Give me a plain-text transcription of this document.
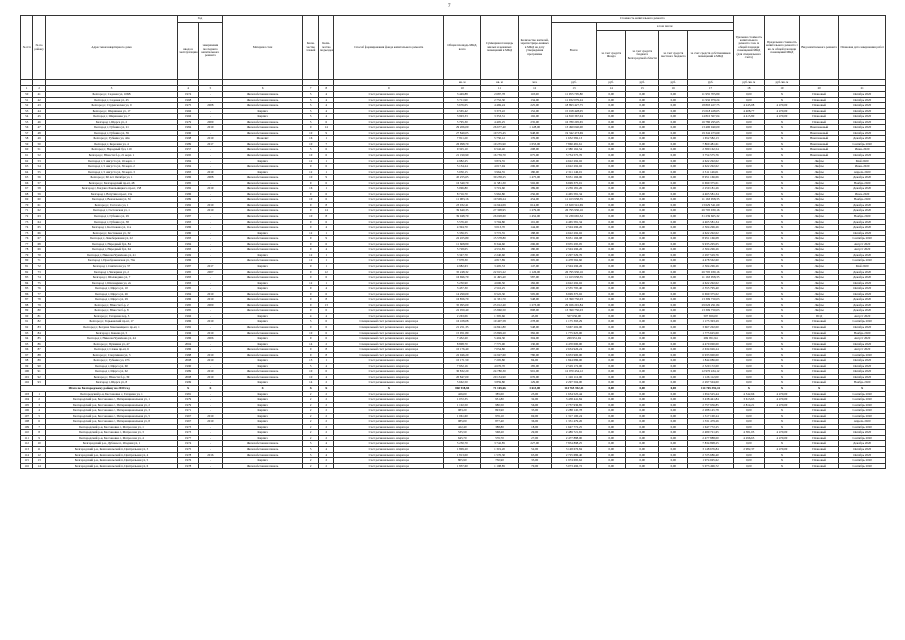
7
№ п/п	№ по району	Адрес многоквартирного дома	Год		Материал стен	Коли-чество этажей	Коли-чество подъездов	Способ формирования фонда капитального ремонта	Общая площадь МКД, всего	Суммарная площадь жилых и нежилых помещений в МКД	Количество жителей, зарегистриро-ванных в МКД на дату утверждения программы	Стоимость капитального ремонта					Удельная стоимость капитального ремонта 1 кв. м общей площади помещений МКД (для специального счета)	Предельная стоимость капитального ремонта 1 кв. м общей площади помещений МКД	Вид капитального ремонта	Плановая дата завершения работ
			ввода в эксплуатацию	завершения последнего капитального ремонта								Всего:	в том числе:							
													за счет средств Фонда	за счет средств бюджета Белгородской области	за счет средств местного бюджета	за счет средств собственников помещений в МКД				
									кв. м	кв. м	чел.	руб.	руб.	руб.	руб.	руб.	руб./кв. м	руб./кв. м		
1	2	3	4	5	6	7	8	9	10	11	12	13	14	15	16	17	18	19	20	21
50	41	Белгород г, Садовая ул, 106В	1974	-	Железобетонная панель	5	4	Счет регионального оператора	3 449,88	2 687,78	118,00	11 955 705,80	0,00	0,00	0,00	11 955 705,80	0,00	X	Плановый	Октябрь 2020
51	42	Белгород г, Садовая ул, 45	1968	-	Железобетонная панель	5	4	Счет регионального оператора	3 711,90	2 752,30	134,00	11 932 079,24	0,00	0,00	0,00	11 932 079,24	0,00	X	Плановый	Октябрь 2020
52	43	Белгород г, Студенческая ул, 9	1975	2008	Железобетонная панель	5	4	Счет регионального оператора	3 676,05	4 469,24	225,00	18 893 427,75	0,00	0,00	0,00	18 893 427,75	4 245,08	4 470,00	Плановый	Октябрь 2020
53	44	Белгород г, Шершнева ул, 17	1966	-	Кирпич	5	4	Счет регионального оператора	4 565,42	3 373,22	152,00	15 018 428,05	0,00	0,00	0,00	15 018 428,05	4 408,77	4 470,00	Плановый	Октябрь 2020
54	45	Белгород г, Шершнева ул, 7	1966	-	Кирпич	5	4	Счет регионального оператора	3 993,33	3 353,31	192,00	14 810 367,04	0,00	0,00	0,00	14 810 367,04	4 415,80	4 470,00	Плановый	Октябрь 2020
55	46	Белгород г, Щорса ул, 2	1979	2009	Железобетонная панель	5	6	Счет регионального оператора	5 795,30	4 405,25	235,00	16 780 295,65	0,00	0,00	0,00	16 780 295,65	0,00	X	Плановый	Октябрь 2020
56	47	Белгород г, Губкина ул, 21	1984	2019	Железобетонная панель	9	14	Счет регионального оператора	29 206,00	26 677,40	1 128,00	13 490 040,00	0,00	0,00	0,00	13 490 040,00	0,00	X	Внеплановый	Октябрь 2020
57	48	Белгород г, Губкина ул, 39	1990	-	Железобетонная панель	10	9	Счет регионального оператора	27 849,05	19 575,45	948,00	19 342 473,69	0,00	0,00	0,00	19 342 473,69	0,00	X	Внеплановый	Октябрь 2020
58	49	Белгород г, Губкина ул, 42в	1998	2019	Монолит	16	1	Счет регионального оператора	7 811,20	5 750,12	176,00	1 652 582,13	0,00	0,00	0,00	1 652 582,13	0,00	X	Внеплановый	Декабрь 2020
59	50	Белгород г, Королева ул, 4	1989	2017	Железобетонная панель	10	7	Счет регионального оператора	26 998,70	19 235,90	1 053,00	7 860 481,61	0,00	0,00	0,00	7 860 481,61	0,00	X	Внеплановый	Сентябрь 2020
60	51	Белгород г, Народный бул, 119	1957	-	Железобетонная панель	5	6	Счет регионального оператора	9 325,10	6 542,40	208,00	2 380 162,54	0,00	0,00	0,00	2 380 162,54	0,00	X	Внеплановый	Июнь 2020
61	52	Белгород г, Юности б-р, 21 корп. 1	1995	-	Железобетонная панель	10	6	Счет регионального оператора	21 199,90	16 759,70	675,00	3 754 575,76	0,00	0,00	0,00	3 754 575,76	0,00	X	Внеплановый	Октябрь 2020
62	53	Белгород г, 5 Августа ул, 16 корп. 1	1984	-	Кирпич	12	1	Счет регионального оператора	4 982,25	3 874,55	220,00	4 622 292,02	0,00	0,00	0,00	4 622 292,02	0,00	X	Лифты	Май 2020
63	54	Белгород г, 5 Августа ул, 36 корп. 2	1984	-	Железобетонная панель	9	6	Счет регионального оператора	5 134,24	4 017,94	206,00	4 622 292,02	0,00	0,00	0,00	4 622 292,02	0,00	X	Лифты	Июнь 2020
64	55	Белгород г, 5 Августа ул, 36 корп. 3	1983	2019	Кирпич	12	1	Счет регионального оператора	5 030,15	3 964,55	180,00	2 311 146,01	0,00	0,00	0,00	2 311 146,01	0,00	X	Лифты	Апрель 2020
65	56	Белгород г, 60 лет Октября ул, 1	1986	2008	Железобетонная панель	10	9	Счет регионального оператора	45 255,65	30 258,25	1 475,00	8 951 166,06	0,00	0,00	0,00	8 951 166,06	0,00	X	Лифты	Декабрь 2020
66	57	Белгород г, Белгородский пр-кт, 48	1985	-	Железобетонная панель	9	6	Счет регионального оператора	16 340,70	11 581,30	502,00	6 699 375,01	0,00	0,00	0,00	6 699 375,01	0,00	X	Лифты	Ноябрь 2020
67	58	Белгород г, Богдана Хмельницкого пр-кт, 158	1982	2019	Железобетонная панель	16	1	Счет регионального оператора	5 096,80	3 719,60	189,00	2 259 181,26	0,00	0,00	0,00	2 259 181,26	0,00	X	Лифты	Декабрь 2020
68	59	Белгород г, Ватутина пр-кт, 13а	1986	-	Железобетонная панель	9	6	Счет регионального оператора	8 716,70	5 962,80	256,00	4 465 581,34	0,00	0,00	0,00	4 465 581,34	0,00	X	Лифты	Июль 2020
69	60	Белгород г, Вокзальная ул, 5б	1989	-	Железобетонная панель	10	6	Счет регионального оператора	11 983,16	10 509,24	454,00	11 163 958,35	0,00	0,00	0,00	11 163 958,35	0,00	X	Лифты	Ноябрь 2020
70	61	Белгород г, Гастелло ул, 1	1982	2019	Железобетонная панель	9	8	Счет регионального оператора	23 932,41	14 944,09	614,00	13 629 541,69	0,00	0,00	0,00	13 629 541,69	0,00	X	Лифты	Декабрь 2020
71	62	Белгород г, Гостенская ул, 1	1985	2019	Железобетонная панель	9	14	Счет регионального оператора	39 640,35	27 308,95	1 279,00	26 795 930,16	0,00	0,00	0,00	26 795 930,16	0,00	X	Лифты	Декабрь 2020
72	63	Белгород г, Губкина ул, 29	1987	-	Железобетонная панель	10	8	Счет регионального оператора	39 048,70	26 028,60	1 452,00	31 239 665,32	0,00	0,00	0,00	31 239 665,32	0,00	X	Лифты	Ноябрь 2020
73	64	Белгород г, Губкина ул, 38	1983	-	Железобетонная панель	9	6	Счет регионального оператора	5 576,20	3 794,80	191,00	4 465 581,34	0,00	0,00	0,00	4 465 581,34	0,00	X	Лифты	Декабрь 2020
74	65	Белгород г, Костюкова ул, 11а	1986	-	Железобетонная панель	9	4	Счет регионального оператора	4 394,70	3 013,70	144,00	2 504 296,26	0,00	0,00	0,00	2 504 296,26	0,00	X	Лифты	Декабрь 2020
75	66	Белгород г, Костюкова ул, 32	1980	-	Кирпич	12	1	Счет регионального оператора	5 356,55	3 772,55	188,00	4 622 292,02	0,00	0,00	0,00	4 622 292,02	0,00	X	Лифты	Октябрь 2020
76	67	Белгород г, Левобережная ул, 22	1983	-	Железобетонная панель	9	9	Счет регионального оператора	22 455,80	15 578,80	835,00	8 951 166,08	0,00	0,00	0,00	8 951 166,08	0,00	X	Лифты	Сентябрь 2020
77	68	Белгород г, Народный бул, 84	1984	-	Железобетонная панель	9	6	Счет регионального оператора	11 668,80	8 344,60	296,00	9 935 295,05	0,00	0,00	0,00	9 935 295,05	0,00	X	Лифты	Август 2020
78	69	Белгород г, Народный бул, 64	1983	-	Железобетонная панель	9	4	Счет регионального оператора	5 728,05	4 531,85	180,00	2 504 296,26	0,00	0,00	0,00	2 504 296,26	0,00	X	Лифты	Август 2020
79	70	Белгород г, Николая Чумичова ул, 41	1969	-	Кирпич	12	1	Счет регионального оператора	3 347,70	2 240,60	200,00	2 297 529,76	0,00	0,00	0,00	2 297 529,76	0,00	X	Лифты	Декабрь 2020
80	71	Белгород г, Преображенская ул, 76а	1986	-	Железобетонная панель	12	1	Счет регионального оператора	7 978,30	4 817,89	305,00	4 478 562,60	0,00	0,00	0,00	4 478 562,60	0,00	X	Лифты	Сентябрь 2020
81	72	Белгород г, Святителя ул, 37	1987	2017	Кирпич	9	1	Счет регионального оператора	4 982,63	3 495,53	147,00	2 504 296,26	0,00	0,00	0,00	2 504 296,26	0,00	X	Лифты	Май 2020
82	73	Белгород г, Чичерина ул, 2	1985	2007	Железобетонная панель	9	12	Счет регионального оператора	35 248,32	22 915,22	1 126,00	26 795 930,16	0,00	0,00	0,00	26 795 930,16	0,00	X	Лифты	Декабрь 2020
83	74	Белгород г, Шаландина ул, 7	1983	-	Железобетонная панель	9	6	Счет регионального оператора	16 696,70	11 495,40	587,00	11 163 958,35	0,00	0,00	0,00	11 163 958,35	0,00	X	Лифты	Декабрь 2020
84	75	Белгород г, Шаландина ул, 2а	1983	-	Кирпич	12	1	Счет регионального оператора	5 250,90	4 606,50	182,00	4 622 292,02	0,00	0,00	0,00	4 622 292,02	0,00	X	Лифты	Октябрь 2020
85	76	Белгород г, Щорса ул, 10	1985	-	Кирпич	9	4	Счет регионального оператора	3 457,30	2 516,25	200,00	2 555 795,40	0,00	0,00	0,00	2 555 795,40	0,00	X	Лифты	Октябрь 2020
86	77	Белгород г, Щорса ул, 26	1984	2019	Железобетонная панель	9	6	Счет регионального оператора	14 299,00	9 522,30	505,00	6 699 375,02	0,00	0,00	0,00	6 699 375,02	0,00	X	Лифты	Октябрь 2020
87	78	Белгород г, Щорса ул, 29	1986	2019	Железобетонная панель	9	8	Счет регионального оператора	16 856,70	11 331,70	548,00	13 399 750,03	0,00	0,00	0,00	13 399 750,03	0,00	X	Лифты	Декабрь 2020
88	79	Белгород г, Юности б-р, 2	1985	2009	Железобетонная панель	9	13	Счет регионального оператора	35 995,00	25 012,40	1 273,00	29 026 291,84	0,00	0,00	0,00	29 026 291,84	0,00	X	Лифты	Декабрь 2020
89	80	Белгород г, Юности б-р, 8	1985	-	Железобетонная панель	9	6	Счет регионального оператора	22 059,40	15 860,50	808,00	13 399 750,03	0,00	0,00	0,00	13 399 750,03	0,00	X	Лифты	Декабрь 2020
90	81	Белгород г, Гагарина пер, 5	1966	-	Кирпич	4	4	Счет регионального оператора	2 263,06	1 395,66	43,00	507 656,00	0,00	0,00	0,00	507 656,00	0,00	X	ПСД	Август 2020
91	82	Белгород г, Горьковский пр-кт, 17	1986	2019	Кирпич	5	6	Специальный счет регионального оператора	16 108,08	10 407,58	278,00	1 175 393,29	0,00	0,00	0,00	1 175 393,29	0,00	X	Плановый	Сентябрь 2020
92	83	Белгород г, Богдана Хмельницкого пр-кт, 1	1982	-	Железобетонная панель	9	6	Специальный счет регионального оператора	21 251,35	14 841,80	548,00	3 667 202,00	0,00	0,00	0,00	3 667 202,00	0,00	X	Плановый	Октябрь 2020
93	84	Белгород г, Конева ул, 5	1996	2019	Железобетонная панель	10	6	Специальный счет регионального оператора	15 951,80	13 899,20	382,00	1 775 625,00	0,00	0,00	0,00	1 775 625,00	0,00	X	Плановый	Ноябрь 2020
94	85	Белгород г, Николая Чумичова ул, 44	1986	2006	Кирпич	9	6	Специальный счет регионального оператора	7 452,20	5 404,30	304,00	269 951,94	0,00	0,00	0,00	269 951,94	0,00	X	Плановый	Август 2020
95	86	Белгород г, Пушкина ул, 47	2004	-	Кирпич	14	2	Специальный счет регионального оператора	8 808,70	7 775,90	130,00	4 470 000,00	0,00	0,00	0,00	4 470 000,00	0,00	X	Плановый	Октябрь 2020
96	87	Белгород г, Славы пр-кт, 6	1986	-	Железобетонная панель	9	8	Специальный счет регионального оператора	10 176,40	7 054,80	287,00	2 634 926,24	0,00	0,00	0,00	2 634 926,24	0,00	X	Плановый	Август 2020
97	88	Белгород г, Спортивная ул, 3	1988	2019	Железобетонная панель	9	8	Специальный счет регионального оператора	22 946,20	14 927,60	780,00	6 933 900,00	0,00	0,00	0,00	6 933 900,00	0,00	X	Плановый	Сентябрь 2020
98	89	Белгород г, Губкина ул, 47б	2008	2019	Кирпич	15	1	Счет регионального оператора	10 171,50	7 295,80	84,00	1 844 086,00	0,00	0,00	0,00	1 844 086,00	0,00	X	Плановый	Октябрь 2020
99	90	Белгород г, Щорса ул, 60	1990	-	Кирпич	5	4	Счет регионального оператора	7 932,16	4 676,70	185,00	2 529 172,00	0,00	0,00	0,00	2 529 172,00	0,00	X	Плановый	Октябрь 2020
100	91	Белгород г, Щорса ул, 62	1989	2019	Железобетонная панель	10	6	Счет регионального оператора	30 832,20	24 780,30	991,00	12 970 434,12	0,00	0,00	0,00	12 970 434,12	0,00	X	Плановый	Октябрь 2020
101	92	Белгород г, Юности б-р, 39	2008	2019	Железобетонная панель	10	4	Счет регионального оператора	20 847,00	20 134,90	676,00	1 126 112,00	0,00	0,00	0,00	1 126 112,00	0,00	X	Плановый	Октябрь 2020
102	93	Белгород г, Щорса ул, 8	1999	-	Кирпич	14	2	Счет регионального оператора	5 662,50	3 859,80	129,00	2 297 504,00	0,00	0,00	0,00	2 297 504,00	0,00	X	Плановый	Ноябрь 2020
Итого по Белгородскому району на 2020 год			X	X	X	X	X	X	860 918,84	71 165,66	3 613,00	114 765 392,41	0,00	0,00	0,00	114 765 392,41	X	X	X	X
103	1	Белгородский р-н, Бессоновка с, Гагарина ул, 1	1981	-	Кирпич	2	2	Счет регионального оператора	426,00	385,00	23,00	1 654 525,44	0,00	0,00	0,00	1 654 525,44	4 542,66	4 470,00	Плановый	Сентябрь 2020
104	2	Белгородский р-н, Бессоновка с, Интернациональная ул, 1	1979	-	Кирпич	2	2	Счет регионального оператора	1 072,35	951,80	32,00	3 438 441,84	0,00	0,00	0,00	3 438 441,84	3 613,63	4 470,00	Плановый	Сентябрь 2020
105	3	Белгородский р-н, Бессоновка с, Интернациональная ул, 2	1979	-	Кирпич	2	2	Счет регионального оператора	1 102,50	980,50	56,00	2 757 936,85	0,00	0,00	0,00	2 757 936,85	2 814,21	4 470,00	Плановый	Сентябрь 2020
106	4	Белгородский р-н, Бессоновка с, Интернациональная ул, 3	1971	-	Кирпич	2	2	Счет регионального оператора	983,20	893,90	33,00	2 288 145,78	0,00	0,00	0,00	2 288 145,78	0,00	X	Плановый	Сентябрь 2020
107	5	Белгородский р-н, Бессоновка с, Интернациональная ул, 5	1967	2019	Кирпич	2	2	Счет регионального оператора	1 061,60	976,10	69,00	1 317 100,24	0,00	0,00	0,00	1 317 100,24	0,00	X	Плановый	Сентябрь 2020
108	6	Белгородский р-н, Бессоновка с, Интернациональная ул, 8	1967	2019	Кирпич	2	2	Счет регионального оператора	985,00	877,40	36,00	1 331 479,26	0,00	0,00	0,00	1 331 479,26	0,00	X	Плановый	Апрель 2020
109	7	Белгородский р-н, Бессоновка с, Матросова ул, 1	1973	-	Кирпич	2	2	Счет регионального оператора	422,40	388,80	18,00	1 647 772,25	0,00	0,00	0,00	1 647 772,25	0,00	X	Плановый	Сентябрь 2020
110	8	Белгородский р-н, Бессоновка с, Матросова ул, 3	1973	-	Кирпич	2	2	Счет регионального оператора	535,50	568,20	29,00	2 489 721,65	0,00	0,00	0,00	2 489 721,65	4 381,05	4 470,00	Плановый	Октябрь 2020
111	9	Белгородский р-н, Бессоновка с, Матросова ул, 4	1977	-	Кирпич	2	2	Счет регионального оператора	645,70	576,70	27,00	2 477 888,00	0,00	0,00	0,00	2 477 888,00	4 296,65	4 470,00	Плановый	Сентябрь 2020
112	10	Белгородский р-н, Дубовое п, Ягодная ул, 1	1974	-	Железобетонная панель	5	4	Счет регионального оператора	5 250,70	3 742,85	227,00	7 834 898,25	0,00	0,00	0,00	7 834 898,25	0,00	X	Плановый	Декабрь 2020
113	11	Белгородский р-н, Комсомольский п, Центральная ул, 3	1975	-	Железобетонная панель	5	4	Счет регионального оператора	1 809,20	1 319,20	52,00	3 148 676,84	0,00	0,00	0,00	3 148 676,84	2 982,37	4 470,00	Плановый	Октябрь 2020
114	12	Белгородский р-н, Комсомольский п, Центральная ул, 4	1978	2016	Железобетонная панель	5	4	Счет регионального оператора	1 813,00	1 576,30	63,00	2 725 686,40	0,00	0,00	0,00	2 725 686,40	0,00	X	Плановый	Октябрь 2020
115	13	Белгородский р-н, Комсомольский п, Центральная ул, 5	1976	-	Кирпич	2	2	Счет регионального оператора	805,90	730,90	33,00	1 974 695,62	0,00	0,00	0,00	1 974 695,62	0,00	X	Плановый	Сентябрь 2020
116	14	Белгородский р-н, Комсомольский п, Центральная ул, 6	1978	-	Железобетонная панель	2	2	Счет регионального оператора	1 837,60	1 198,85	70,00	5 073 496,72	0,00	0,00	0,00	5 073 496,72	0,00	X	Плановый	Сентябрь 2020
